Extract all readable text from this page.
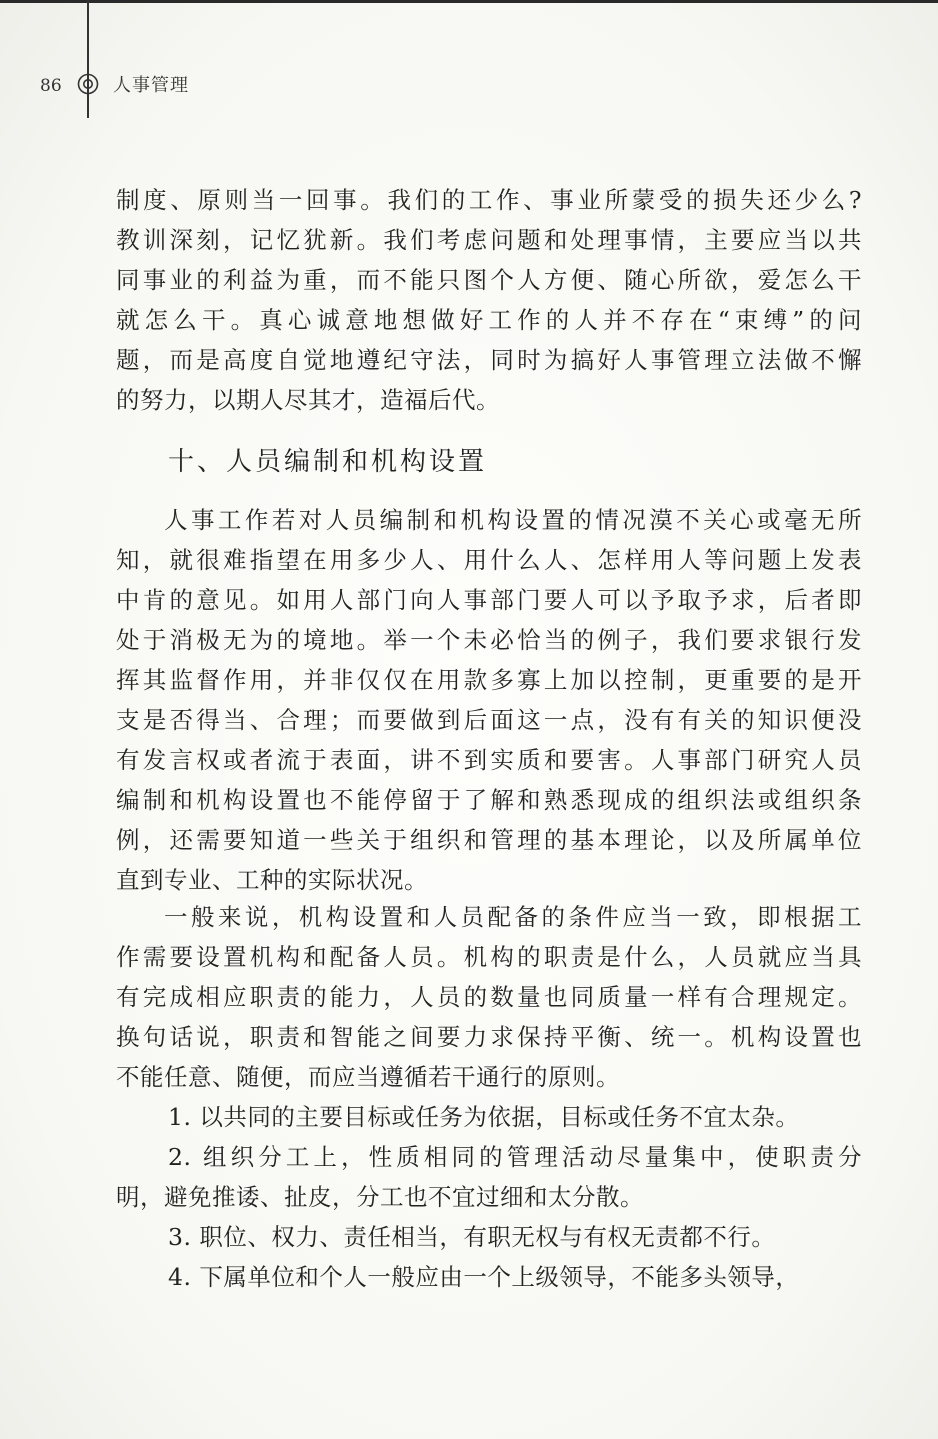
86	人事管理
制度、原则当一回事。我们的工作、事业所蒙受的损失还少么?
教训深刻，记忆犹新。我们考虑问题和处理事情，主要应当以共
同事业的利益为重，而不能只图个人方便、随心所欲，爱怎么干
就怎么干。真心诚意地想做好工作的人并不存在“束缚”的问
题，而是高度自觉地遵纪守法，同时为搞好人事管理立法做不懈
的努力，以期人尽其才，造福后代。
十、人员编制和机构设置
人事工作若对人员编制和机构设置的情况漠不关心或毫无所
知，就很难指望在用多少人、用什么人、怎样用人等问题上发表
中肯的意见。如用人部门向人事部门要人可以予取予求，后者即
处于消极无为的境地。举一个未必恰当的例子，我们要求银行发
挥其监督作用，并非仅仅在用款多寡上加以控制，更重要的是开
支是否得当、合理；而要做到后面这一点，没有有关的知识便没
有发言权或者流于表面，讲不到实质和要害。人事部门研究人员
编制和机构设置也不能停留于了解和熟悉现成的组织法或组织条
例，还需要知道一些关于组织和管理的基本理论，以及所属单位
直到专业、工种的实际状况。
一般来说，机构设置和人员配备的条件应当一致，即根据工
作需要设置机构和配备人员。机构的职责是什么，人员就应当具
有完成相应职责的能力，人员的数量也同质量一样有合理规定。
换句话说，职责和智能之间要力求保持平衡、统一。机构设置也
不能任意、随便，而应当遵循若干通行的原则。
1. 以共同的主要目标或任务为依据，目标或任务不宜太杂。
2. 组织分工上，性质相同的管理活动尽量集中，使职责分
明，避免推诿、扯皮，分工也不宜过细和太分散。
3. 职位、权力、责任相当，有职无权与有权无责都不行。
4. 下属单位和个人一般应由一个上级领导，不能多头领导，
